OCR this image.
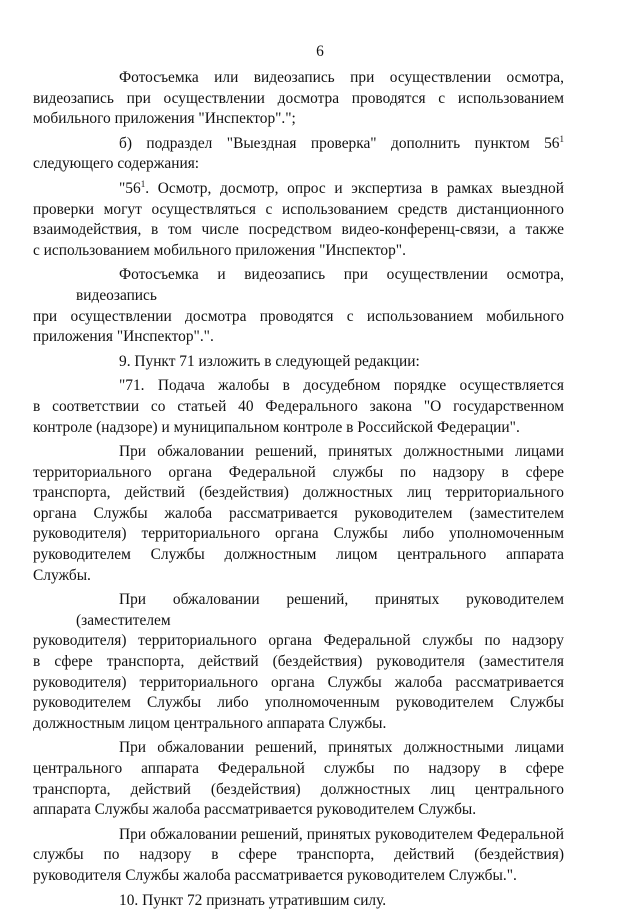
6

Фотосъемка или видеозапись при осуществлении осмотра,
видеозапись при осуществлении досмотра проводятся с использованием
мобильного приложения "Инспектор".";

б) подраздел "Выездная проверка" дополнить пунктом $56^1$
следующего содержания:

"$56^1$. Осмотр, досмотр, опрос и экспертиза в рамках выездной
проверки могут осуществляться с использованием средств дистанционного
взаимодействия, в том числе посредством видео-конференц-связи, а также
с использованием мобильного приложения "Инспектор".

Фотосъемка и видеозапись при осуществлении осмотра, видеозапись
при осуществлении досмотра проводятся с использованием мобильного
приложения "Инспектор".".

9. Пункт 71 изложить в следующей редакции:

"71. Подача жалобы в досудебном порядке осуществляется
в соответствии со статьей 40 Федерального закона "О государственном
контроле (надзоре) и муниципальном контроле в Российской Федерации".

При обжаловании решений, принятых должностными лицами
территориального органа Федеральной службы по надзору в сфере
транспорта, действий (бездействия) должностных лиц территориального
органа Службы жалоба рассматривается руководителем (заместителем
руководителя) территориального органа Службы либо уполномоченным
руководителем Службы должностным лицом центрального аппарата
Службы.

При обжаловании решений, принятых руководителем (заместителем
руководителя) территориального органа Федеральной службы по надзору
в сфере транспорта, действий (бездействия) руководителя (заместителя
руководителя) территориального органа Службы жалоба рассматривается
руководителем Службы либо уполномоченным руководителем Службы
должностным лицом центрального аппарата Службы.

При обжаловании решений, принятых должностными лицами
центрального аппарата Федеральной службы по надзору в сфере
транспорта, действий (бездействия) должностных лиц центрального
аппарата Службы жалоба рассматривается руководителем Службы.

При обжаловании решений, принятых руководителем Федеральной
службы по надзору в сфере транспорта, действий (бездействия)
руководителя Службы жалоба рассматривается руководителем Службы.".

10. Пункт 72 признать утратившим силу.
